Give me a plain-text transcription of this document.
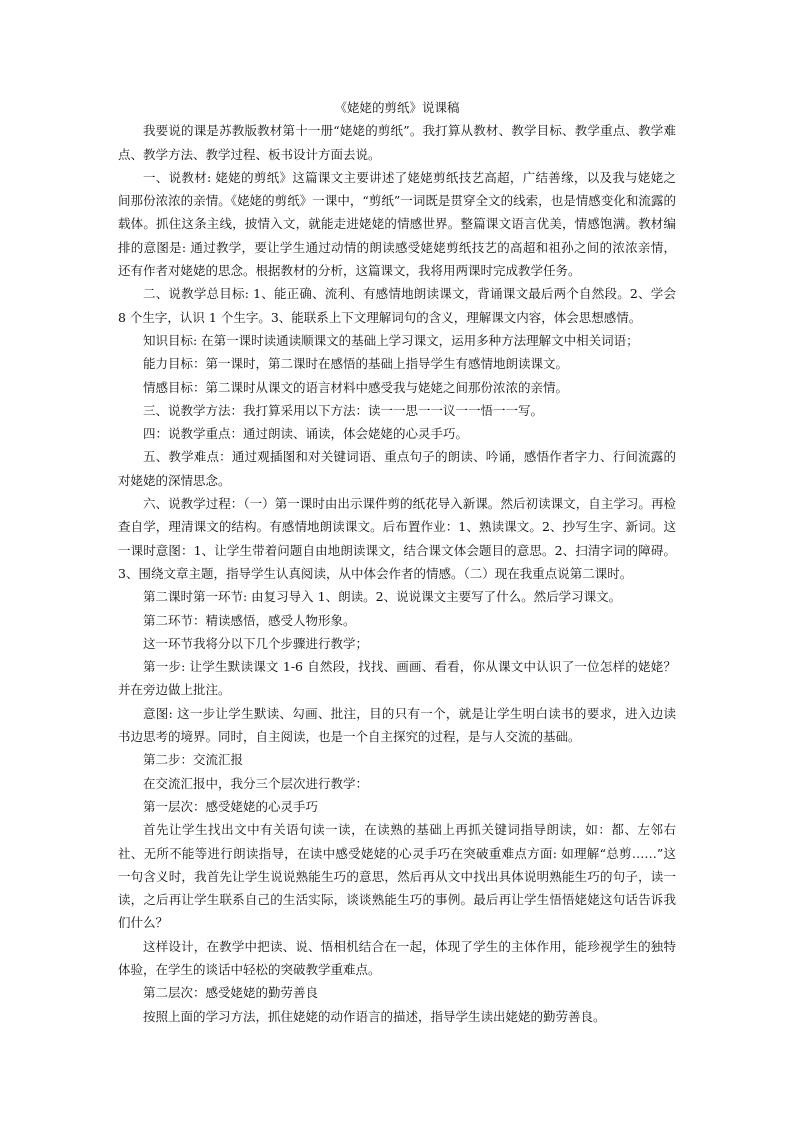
《姥姥的剪纸》说课稿

我要说的课是苏教版教材第十一册“姥姥的剪纸”。我打算从教材、教学目标、教学重点、教学难点、教学方法、教学过程、板书设计方面去说。

一、说教材: 姥姥的剪纸》这篇课文主要讲述了姥姥剪纸技艺高超，广结善缘，以及我与姥姥之间那份浓浓的亲情。《姥姥的剪纸》一课中，“剪纸”一词既是贯穿全文的线索，也是情感变化和流露的载体。抓住这条主线，披情入文，就能走进姥姥的情感世界。整篇课文语言优美，情感饱满。教材编排的意图是: 通过教学，要让学生通过动情的朗读感受姥姥剪纸技艺的高超和祖孙之间的浓浓亲情，还有作者对姥姥的思念。根据教材的分析，这篇课文，我将用两课时完成教学任务。

二、说教学总目标: 1、能正确、流利、有感情地朗读课文，背诵课文最后两个自然段。2、学会 8 个生字，认识 1 个生字。3、能联系上下文理解词句的含义，理解课文内容，体会思想感情。

知识目标: 在第一课时读通读顺课文的基础上学习课文，运用多种方法理解文中相关词语；

能力目标：第一课时，第二课时在感悟的基础上指导学生有感情地朗读课文。

情感目标：第二课时从课文的语言材料中感受我与姥姥之间那份浓浓的亲情。

三、说教学方法：我打算采用以下方法：读一一思一一议一一悟一一写。

四：说教学重点：通过朗读、诵读，体会姥姥的心灵手巧。

五、教学难点：通过观插图和对关键词语、重点句子的朗读、吟诵，感悟作者字力、行间流露的对姥姥的深情思念。

六、说教学过程：（一）第一课时由出示课件剪的纸花导入新课。然后初读课文，自主学习。再检查自学，理清课文的结构。有感情地朗读课文。后布置作业：1、熟读课文。2、抄写生字、新词。这一课时意图：1、让学生带着问题自由地朗读课文，结合课文体会题目的意思。2、扫清字词的障碍。3、围绕文章主题，指导学生认真阅读，从中体会作者的情感。（二）现在我重点说第二课时。

第二课时第一环节: 由复习导入 1、朗读。2、说说课文主要写了什么。然后学习课文。

第二环节：精读感悟，感受人物形象。

这一环节我将分以下几个步骤进行教学；

第一步: 让学生默读课文 1-6 自然段，找找、画画、看看，你从课文中认识了一位怎样的姥姥？并在旁边做上批注。

意图: 这一步让学生默读、勾画、批注，目的只有一个，就是让学生明白读书的要求，进入边读书边思考的境界。同时，自主阅读，也是一个自主探究的过程，是与人交流的基础。

第二步：交流汇报

在交流汇报中，我分三个层次进行教学：

第一层次：感受姥姥的心灵手巧

首先让学生找出文中有关语句读一读，在读熟的基础上再抓关键词指导朗读，如：都、左邻右社、无所不能等进行朗读指导，在读中感受姥姥的心灵手巧在突破重难点方面: 如理解“总剪……”这一句含义时，我首先让学生说说熟能生巧的意思，然后再从文中找出具体说明熟能生巧的句子，读一读，之后再让学生联系自己的生活实际，谈谈熟能生巧的事例。最后再让学生悟悟姥姥这句话告诉我们什么？

这样设计，在教学中把读、说、悟相机结合在一起，体现了学生的主体作用，能珍视学生的独特体验，在学生的谈话中轻松的突破教学重难点。

第二层次：感受姥姥的勤劳善良

按照上面的学习方法，抓住姥姥的动作语言的描述，指导学生读出姥姥的勤劳善良。
